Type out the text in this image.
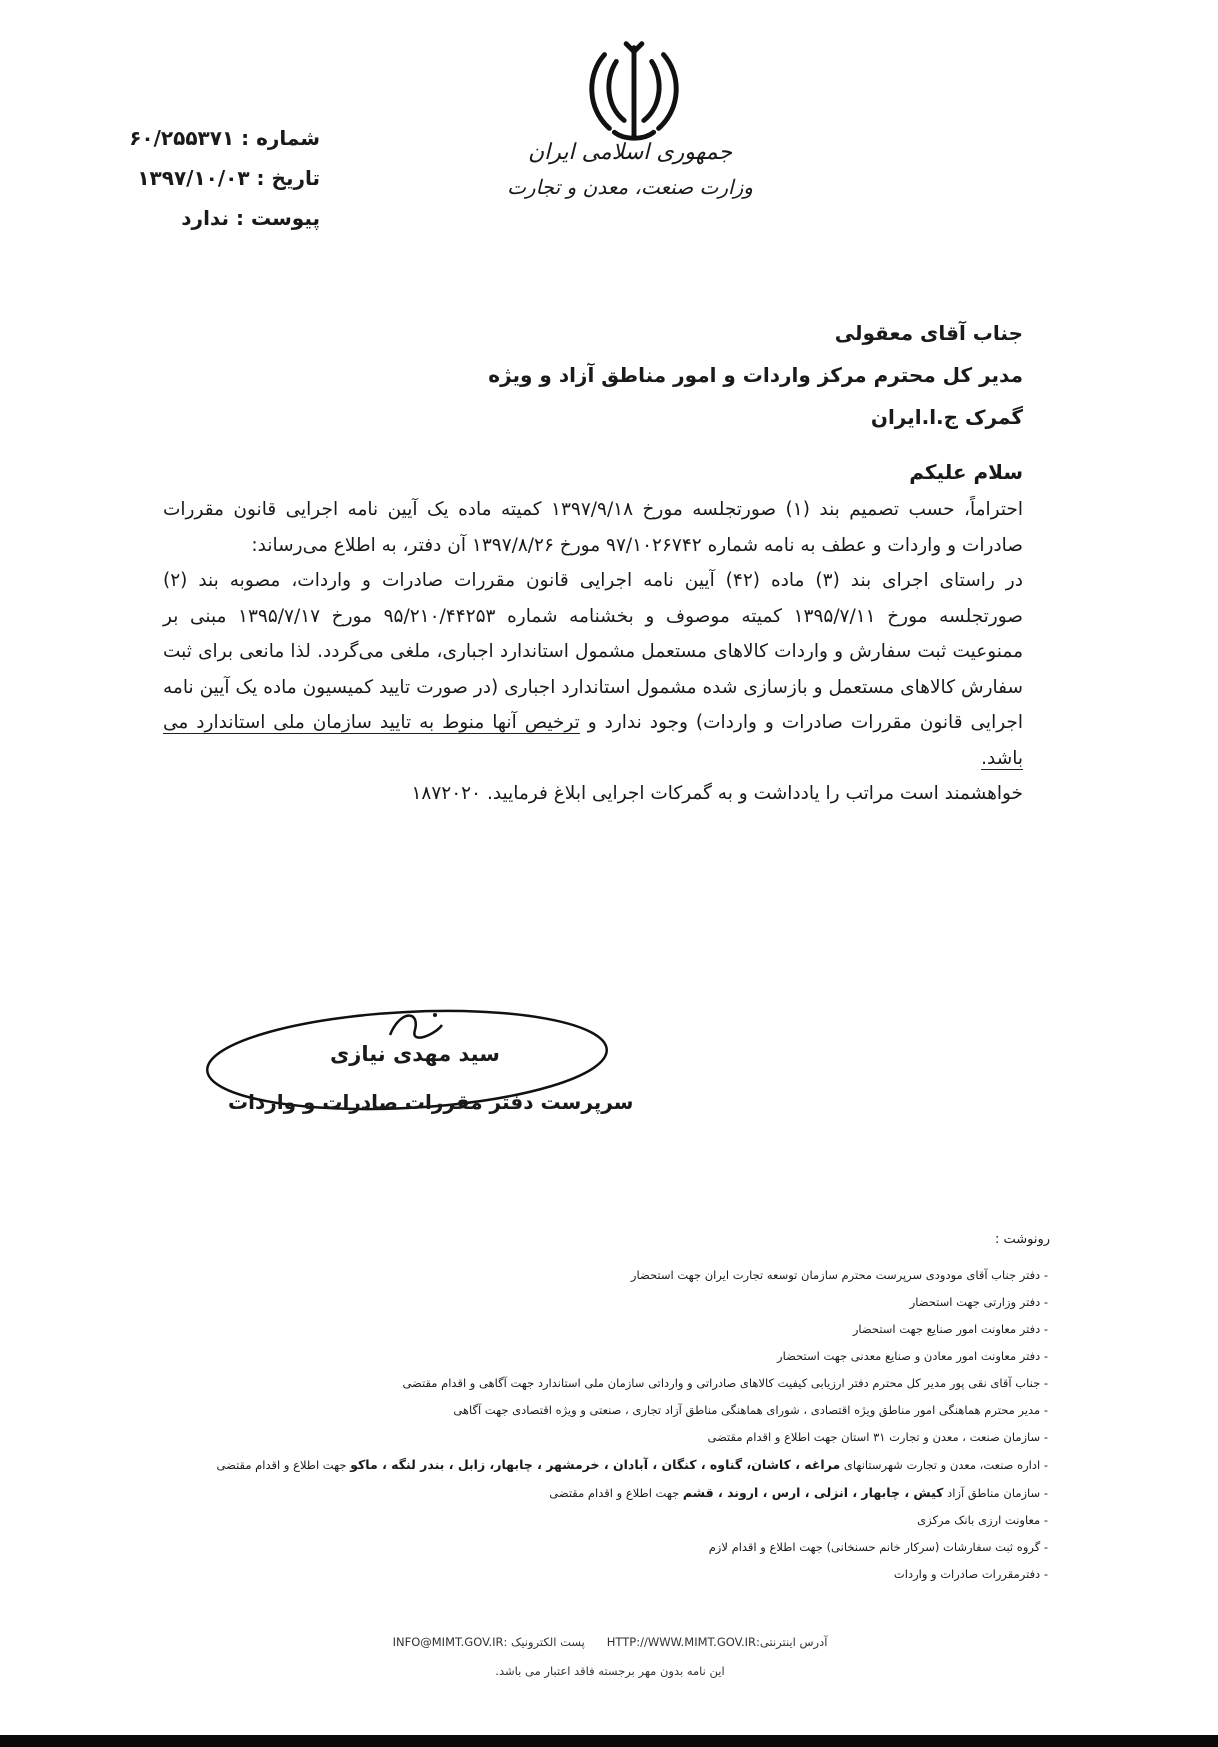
جمهوری اسلامی ایران
وزارت صنعت، معدن و تجارت
شماره : ۶۰/۲۵۵۳۷۱
تاریخ : ۱۳۹۷/۱۰/۰۳
پیوست : ندارد
جناب آقای معقولی
مدیر کل محترم مرکز واردات و امور مناطق آزاد و ویژه
گمرک ج.ا.ایران
سلام علیکم

احتراماً، حسب تصمیم بند (۱) صورتجلسه مورخ ۱۳۹۷/۹/۱۸ کمیته ماده یک آیین نامه اجرایی قانون مقررات صادرات و واردات و عطف به نامه شماره ۹۷/۱۰۲۶۷۴۲ مورخ ۱۳۹۷/۸/۲۶ آن دفتر، به اطلاع می‌رساند:

در راستای اجرای بند (۳) ماده (۴۲) آیین نامه اجرایی قانون مقررات صادرات و واردات، مصوبه بند (۲) صورتجلسه مورخ ۱۳۹۵/۷/۱۱ کمیته موصوف و بخشنامه شماره ۹۵/۲۱۰/۴۴۲۵۳ مورخ ۱۳۹۵/۷/۱۷ مبنی بر ممنوعیت ثبت سفارش و واردات کالاهای مستعمل مشمول استاندارد اجباری، ملغی می‌گردد. لذا مانعی برای ثبت سفارش کالاهای مستعمل و بازسازی شده مشمول استاندارد اجباری (در صورت تایید کمیسیون ماده یک آیین نامه اجرایی قانون مقررات صادرات و واردات) وجود ندارد و ترخیص آنها منوط به تایید سازمان ملی استاندارد می باشد.

خواهشمند است مراتب را یادداشت و به گمرکات اجرایی ابلاغ فرمایید. ۱۸۷۲۰۲۰

سید مهدی نیازی
سرپرست دفتر مقررات صادرات و واردات
رونوشت :
- دفتر جناب آقای مودودی سرپرست محترم سازمان توسعه تجارت ایران جهت استحضار
- دفتر وزارتی جهت استحضار
- دفتر معاونت امور صنایع جهت استحضار
- دفتر معاونت امور معادن و صنایع معدنی جهت استحضار
- جناب آقای نقی پور مدیر کل محترم دفتر ارزیابی کیفیت کالاهای صادراتی و وارداتی سازمان ملی استاندارد جهت آگاهی و اقدام مقتضی
- مدیر محترم هماهنگی امور مناطق ویژه اقتصادی ، شورای هماهنگی مناطق آزاد تجاری ، صنعتی و ویژه اقتصادی جهت آگاهی
- سازمان صنعت ، معدن و تجارت ۳۱ استان جهت اطلاع و اقدام مقتضی
- اداره صنعت، معدن و تجارت شهرستانهای مراغه ، کاشان، گناوه ، کنگان ، آبادان ، خرمشهر ، چابهار، زابل ، بندر لنگه ، ماکو جهت اطلاع و اقدام مقتضی
- سازمان مناطق آزاد کیش ، چابهار ، انزلی ، ارس ، اروند ، قشم جهت اطلاع و اقدام مقتضی
- معاونت ارزی بانک مرکزی
- گروه ثبت سفارشات (سرکار خانم حسنخانی) جهت اطلاع و اقدام لازم
- دفترمقررات صادرات و واردات
آدرس اینترنتی:HTTP://WWW.MIMT.GOV.IR      پست الکترونیک :INFO@MIMT.GOV.IR
این نامه بدون مهر برجسته فاقد اعتبار می باشد.
